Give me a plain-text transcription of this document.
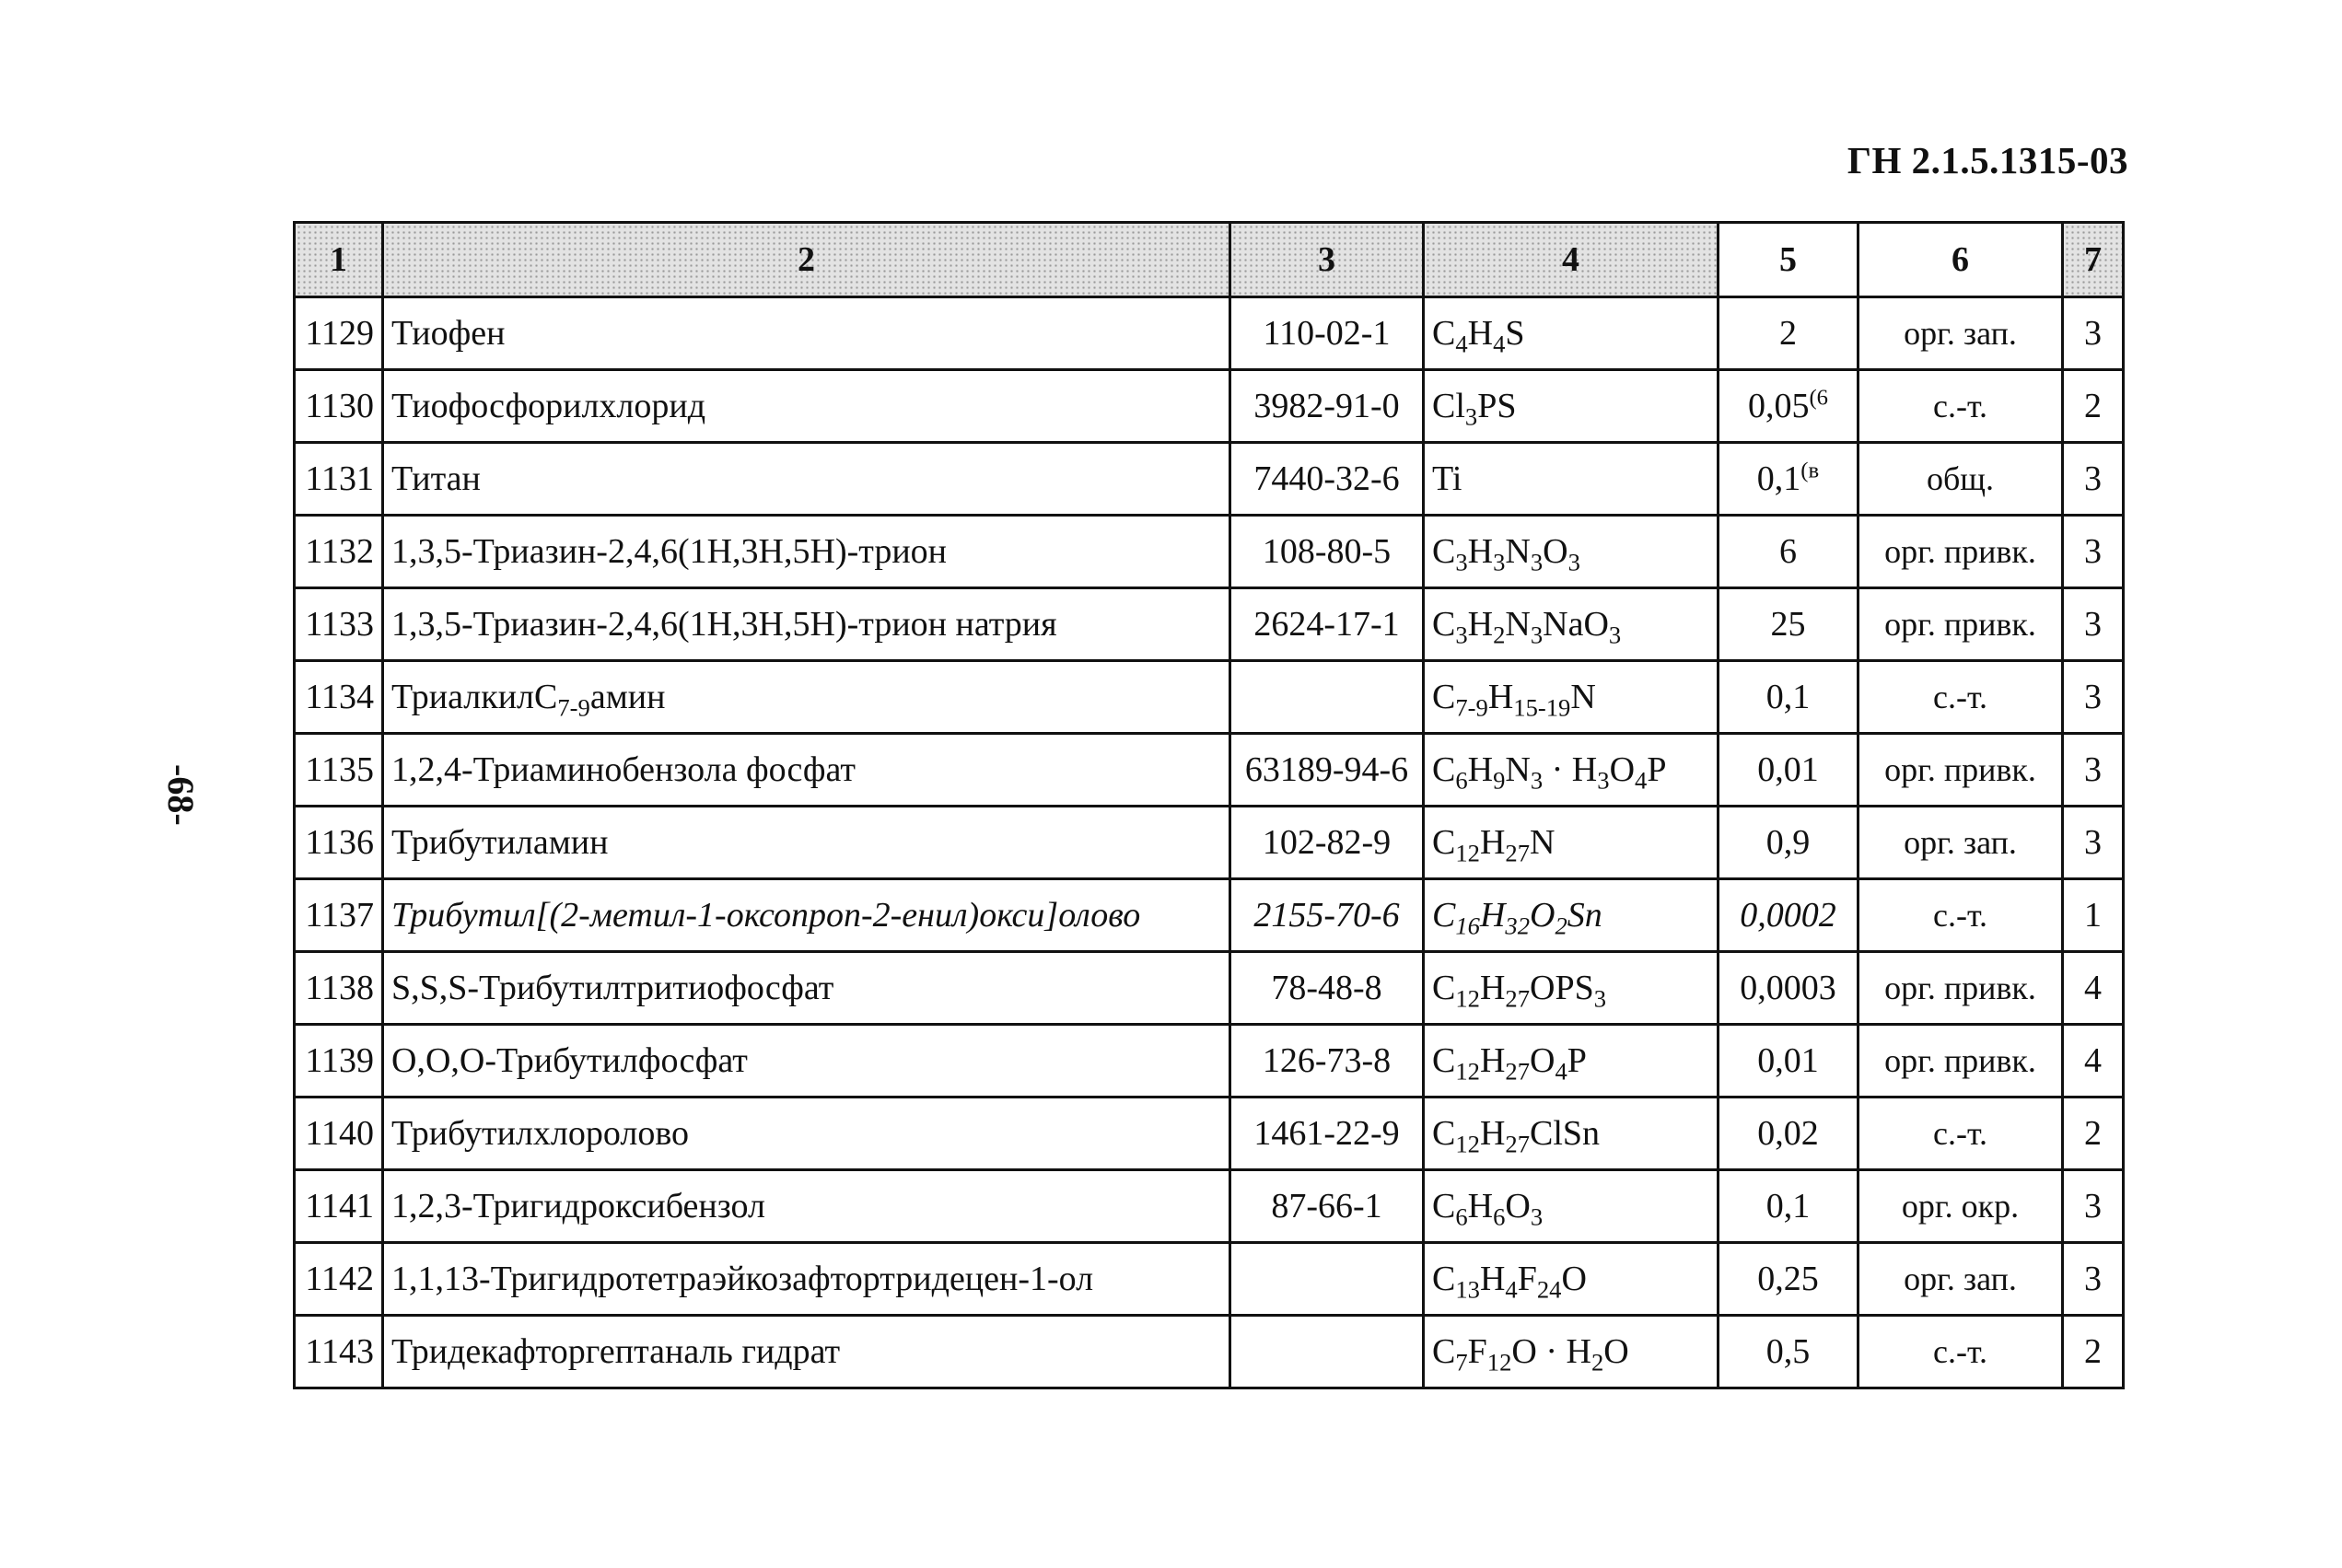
ГН 2.1.5.1315-03
-68-
1	2	3	4	5	6	7
1129	Тиофен	110-02-1	$C_4H_4S$	2	орг. зап.	3
1130	Тиофосфорилхлорид	3982-91-0	$Cl_3PS$	0,05$^{(6}$	с.-т.	2
1131	Титан	7440-32-6	Ti	$0,1^{(в}$	общ.	3
1132	1,3,5-Триазин-2,4,6(1Н,3Н,5Н)-трион	108-80-5	$C_3H_3N_3O_3$	6	орг. привк.	3
1133	1,3,5-Триазин-2,4,6(1Н,3Н,5Н)-трион натрия	2624-17-1	$C_3H_2N_3NaO_3$	25	орг. привк.	3
1134	ТриалкилС$_{7-9}$амин		$C_{7-9}H_{15-19}N$	0,1	с.-т.	3
1135	1,2,4-Триаминобензола фосфат	63189-94-6	$C_6H_9N_3 \cdot H_3O_4P$	0,01	орг. привк.	3
1136	Трибутиламин	102-82-9	$C_{12}H_{27}N$	0,9	орг. зап.	3
1137	Трибутил[(2-метил-1-оксопроп-2-енил)окси]олово	2155-70-6	$C_{16}H_{32}O_2Sn$	0,0002	с.-т.	1
1138	S,S,S-Трибутилтритиофосфат	78-48-8	$C_{12}H_{27}OPS_3$	0,0003	орг. привк.	4
1139	О,О,О-Трибутилфосфат	126-73-8	$C_{12}H_{27}O_4P$	0,01	орг. привк.	4
1140	Трибутилхлоролово	1461-22-9	$C_{12}H_{27}ClSn$	0,02	с.-т.	2
1141	1,2,3-Тригидроксибензол	87-66-1	$C_6H_6O_3$	0,1	орг. окр.	3
1142	1,1,13-Тригидротетраэйкозафтортридецен-1-ол		$C_{13}H_4F_{24}O$	0,25	орг. зап.	3
1143	Тридекафторгептаналь гидрат		$C_7F_{12}O \cdot H_2O$	0,5	с.-т.	2
